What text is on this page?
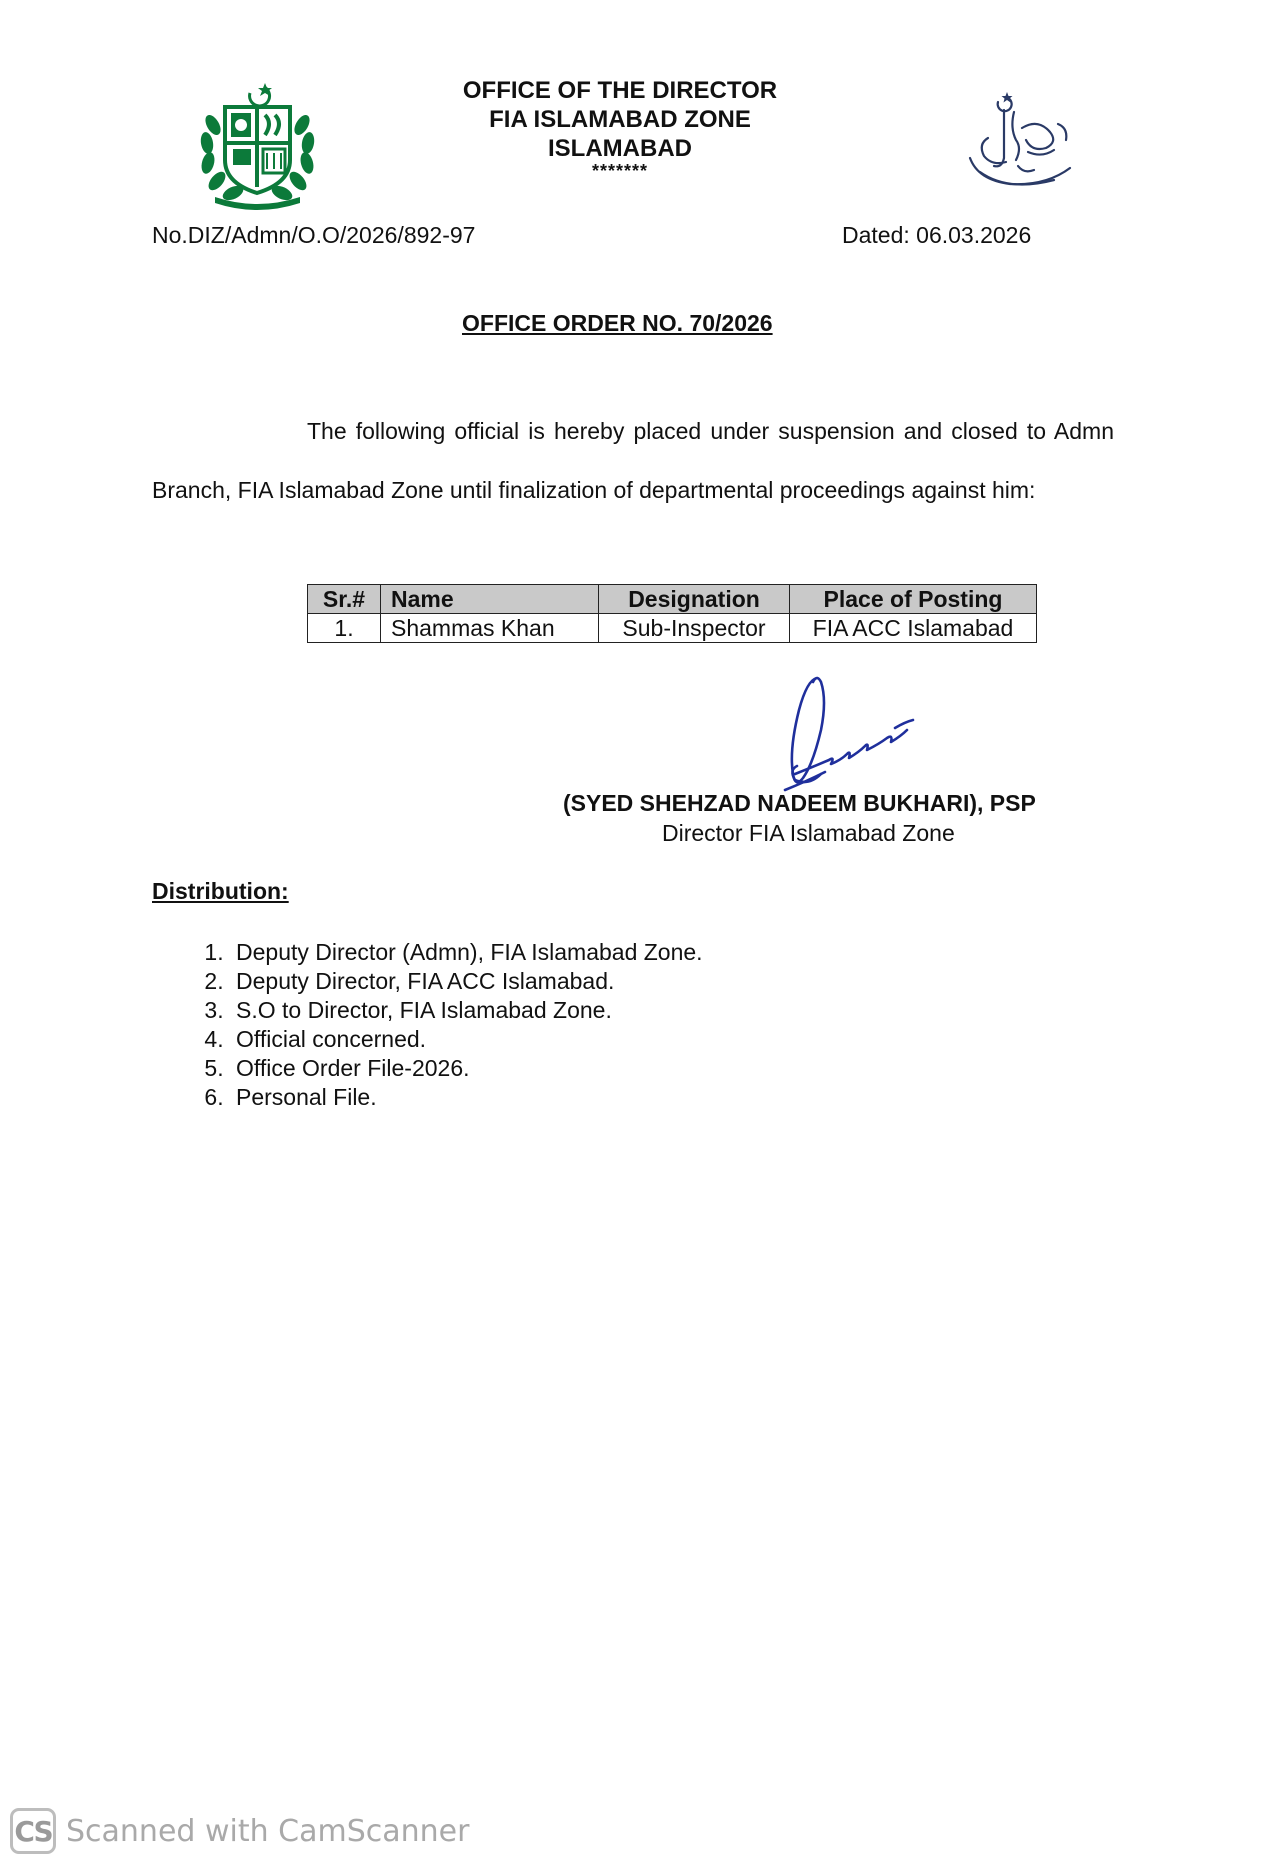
OFFICE OF THE DIRECTOR
FIA ISLAMABAD ZONE
ISLAMABAD
*******
No.DIZ/Admn/O.O/2026/892-97	Dated: 06.03.2026
OFFICE ORDER NO. 70/2026
The following official is hereby placed under suspension and closed to Admn Branch, FIA Islamabad Zone until finalization of departmental proceedings against him:
Sr.#	Name	Designation	Place of Posting
1.	Shammas Khan	Sub-Inspector	FIA ACC Islamabad
(SYED SHEHZAD NADEEM BUKHARI), PSP
Director FIA Islamabad Zone
Distribution:
1. Deputy Director (Admn), FIA Islamabad Zone.
2. Deputy Director, FIA ACC Islamabad.
3. S.O to Director, FIA Islamabad Zone.
4. Official concerned.
5. Office Order File-2026.
6. Personal File.
CS Scanned with CamScanner
